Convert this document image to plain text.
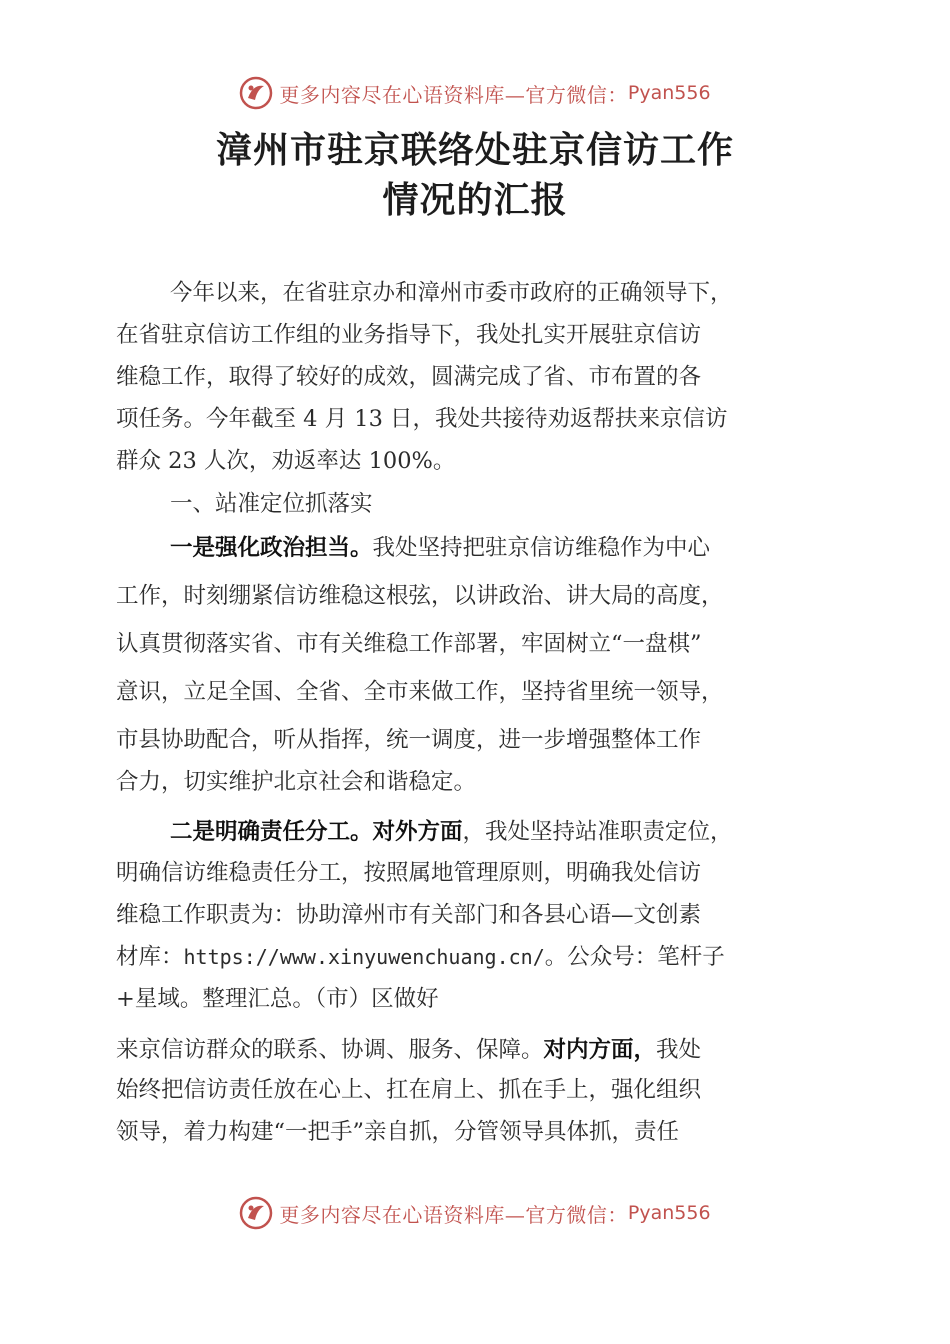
更多内容尽在心语资料库—官方微信： Pyan556
漳州市驻京联络处驻京信访工作
情况的汇报
今年以来，在省驻京办和漳州市委市政府的正确领导下，
在省驻京信访工作组的业务指导下，我处扎实开展驻京信访
维稳工作，取得了较好的成效，圆满完成了省、市布置的各
项任务。今年截至 4 月 13 日，我处共接待劝返帮扶来京信访
群众 23 人次，劝返率达 100%。
一、站准定位抓落实
一是强化政治担当。我处坚持把驻京信访维稳作为中心
工作，时刻绷紧信访维稳这根弦，以讲政治、讲大局的高度，
认真贯彻落实省、市有关维稳工作部署，牢固树立“一盘棋”
意识，立足全国、全省、全市来做工作，坚持省里统一领导，
市县协助配合，听从指挥，统一调度，进一步增强整体工作
合力，切实维护北京社会和谐稳定。
二是明确责任分工。对外方面，我处坚持站准职责定位，
明确信访维稳责任分工，按照属地管理原则，明确我处信访
维稳工作职责为：协助漳州市有关部门和各县心语—文创素
材库：https://www.xinyuwenchuang.cn/。公众号：笔杆子
+星域。整理汇总。（市）区做好
来京信访群众的联系、协调、服务、保障。对内方面，我处
始终把信访责任放在心上、扛在肩上、抓在手上，强化组织
领导，着力构建“一把手”亲自抓，分管领导具体抓，责任
更多内容尽在心语资料库—官方微信： Pyan556
